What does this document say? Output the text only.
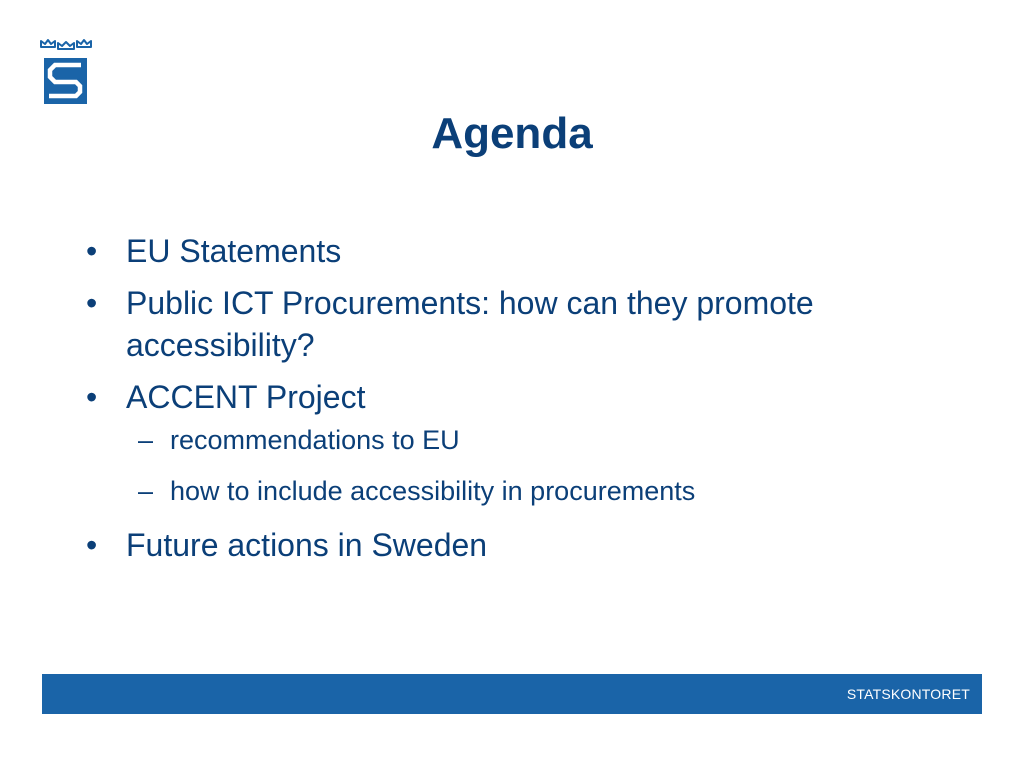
Agenda
• EU Statements
• Public ICT Procurements: how can they promote accessibility?
• ACCENT Project
– recommendations to EU
– how to include accessibility in procurements
• Future actions in Sweden
STATSKONTORET
